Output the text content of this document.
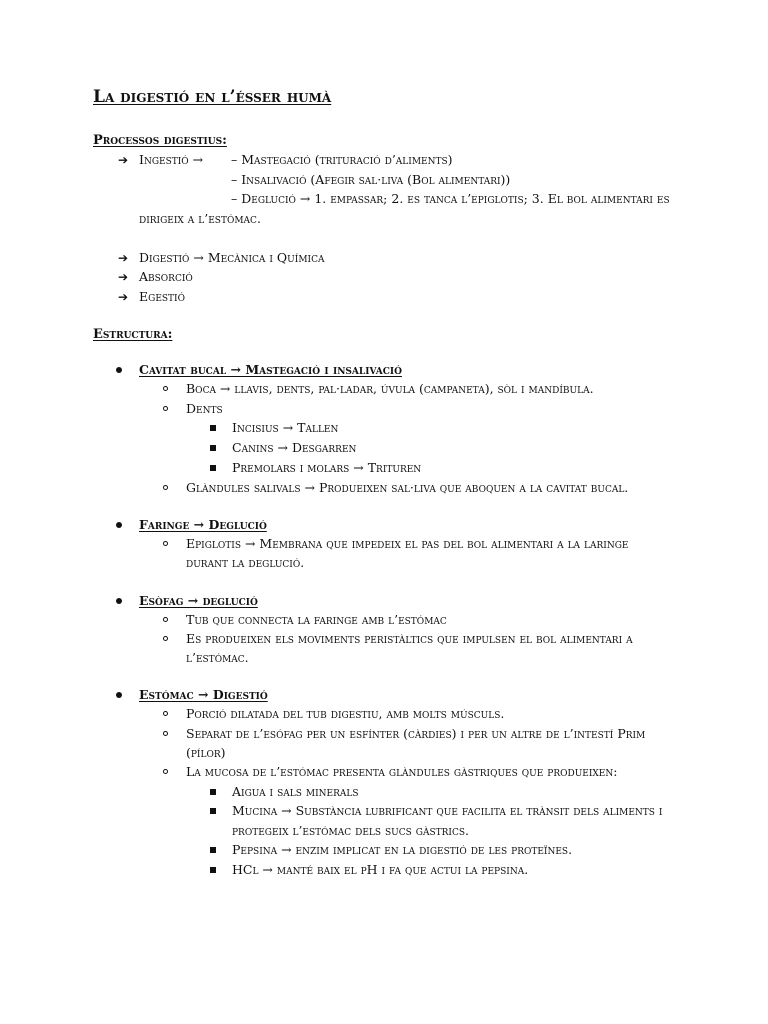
La digestió en l’ésser humà
Processos digestius:
➔ Ingestió → – Mastegació (trituració d’aliments)
– Insalivació (Afegir sal·liva (Bol alimentari))
– Deglució → 1. empassar; 2. es tanca l’epiglotis; 3. El bol alimentari es
dirigeix a l’estómac.
➔ Digestió → Mecànica i Química
➔ Absorció
➔ Egestió
Estructura:
Cavitat bucal → Mastegació i insalivació
Boca → llavis, dents, pal·ladar, úvula (campaneta), sòl i mandíbula.
Dents
Incisius → Tallen
Canins → Desgarren
Premolars i molars → Trituren
Glàndules salivals → Produeixen sal·liva que aboquen a la cavitat bucal.
Faringe → Deglució
Epiglotis → Membrana que impedeix el pas del bol alimentari a la laringe
durant la deglució.
Esòfag → deglució
Tub que connecta la faringe amb l’estómac
Es produeixen els moviments peristàltics que impulsen el bol alimentari a
l’estómac.
Estómac → Digestió
Porció dilatada del tub digestiu, amb molts músculs.
Separat de l’esófag per un esfínter (càrdies) i per un altre de l’intestí Prim
(pílor)
La mucosa de l’estómac presenta glàndules gàstriques que produeixen:
Aigua i sals minerals
Mucina → Substància lubrificant que facilita el trànsit dels aliments i
protegeix l’estómac dels sucs gàstrics.
Pepsina → enzim implicat en la digestió de les proteïnes.
HCl → manté baix el pH i fa que actui la pepsina.
